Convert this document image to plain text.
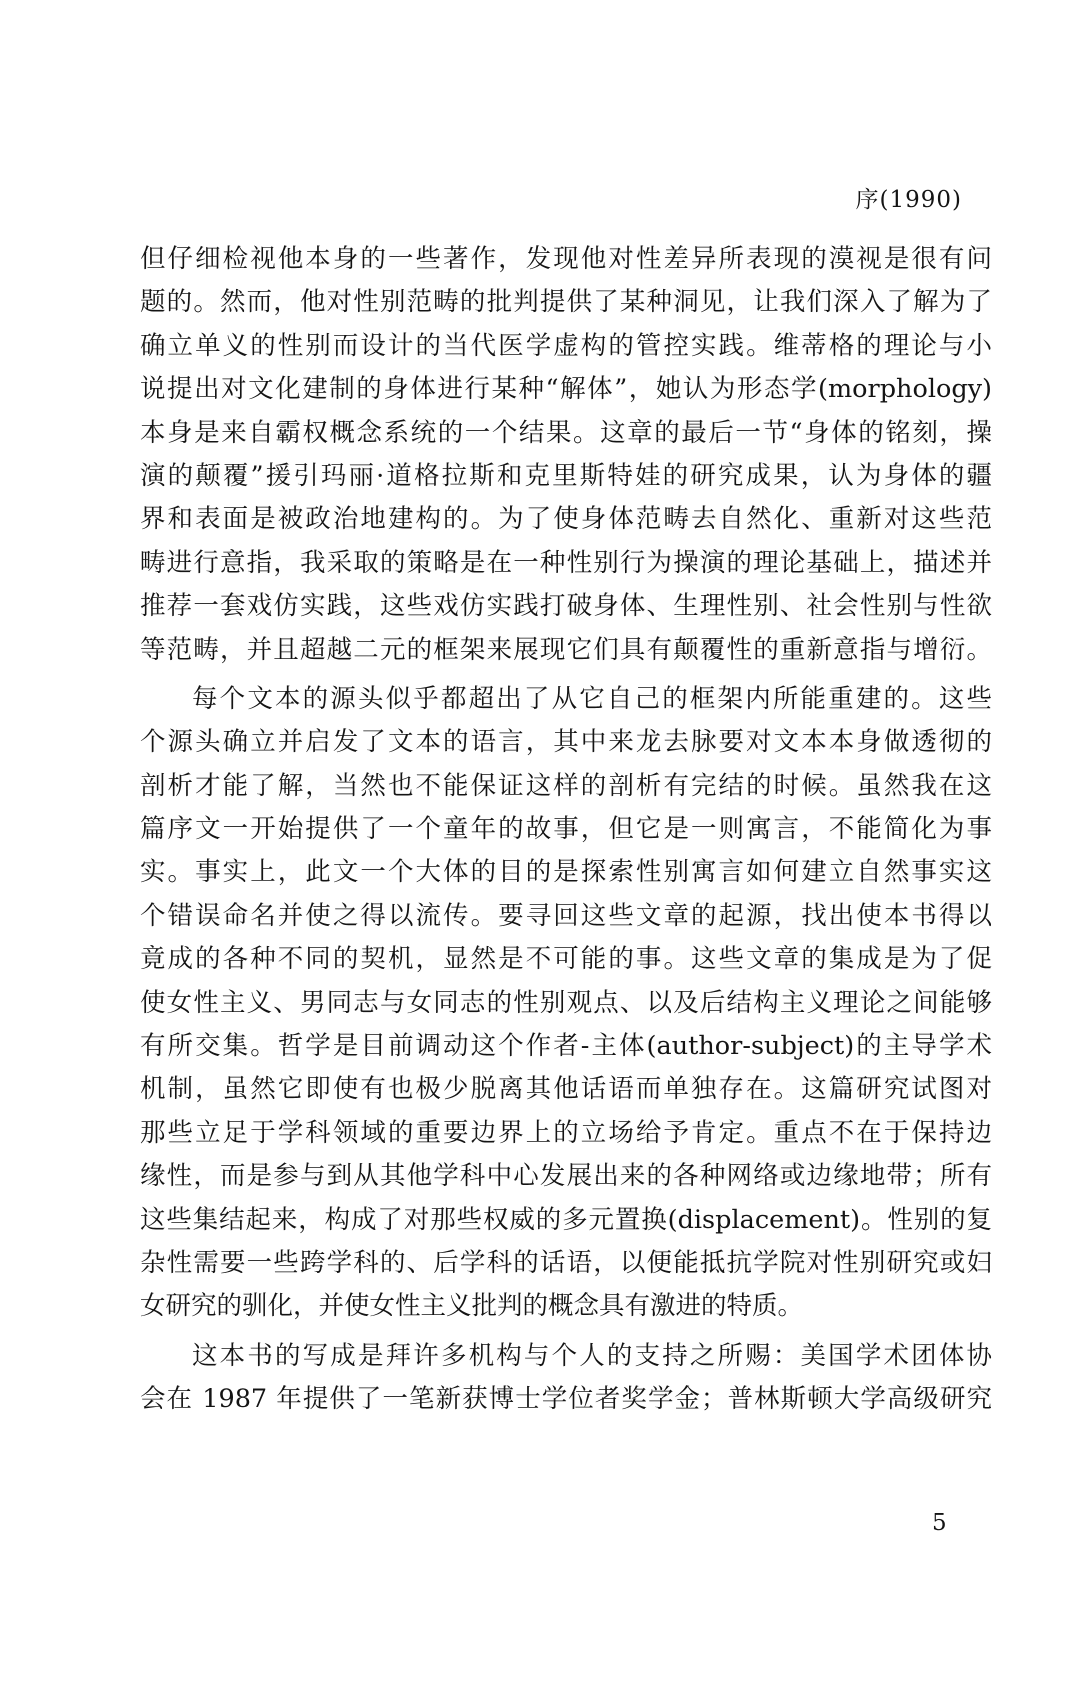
序(1990)
但仔细检视他本身的一些著作，发现他对性差异所表现的漠视是很有问
题的。然而，他对性别范畴的批判提供了某种洞见，让我们深入了解为了
确立单义的性别而设计的当代医学虚构的管控实践。维蒂格的理论与小
说提出对文化建制的身体进行某种“解体”，她认为形态学(morphology)
本身是来自霸权概念系统的一个结果。这章的最后一节“身体的铭刻，操
演的颠覆”援引玛丽·道格拉斯和克里斯特娃的研究成果，认为身体的疆
界和表面是被政治地建构的。为了使身体范畴去自然化、重新对这些范
畴进行意指，我采取的策略是在一种性别行为操演的理论基础上，描述并
推荐一套戏仿实践，这些戏仿实践打破身体、生理性别、社会性别与性欲
等范畴，并且超越二元的框架来展现它们具有颠覆性的重新意指与增衍。
每个文本的源头似乎都超出了从它自己的框架内所能重建的。这些
个源头确立并启发了文本的语言，其中来龙去脉要对文本本身做透彻的
剖析才能了解，当然也不能保证这样的剖析有完结的时候。虽然我在这
篇序文一开始提供了一个童年的故事，但它是一则寓言，不能简化为事
实。事实上，此文一个大体的目的是探索性别寓言如何建立自然事实这
个错误命名并使之得以流传。要寻回这些文章的起源，找出使本书得以
竟成的各种不同的契机，显然是不可能的事。这些文章的集成是为了促
使女性主义、男同志与女同志的性别观点、以及后结构主义理论之间能够
有所交集。哲学是目前调动这个作者-主体(author-subject)的主导学术
机制，虽然它即使有也极少脱离其他话语而单独存在。这篇研究试图对
那些立足于学科领域的重要边界上的立场给予肯定。重点不在于保持边
缘性，而是参与到从其他学科中心发展出来的各种网络或边缘地带；所有
这些集结起来，构成了对那些权威的多元置换(displacement)。性别的复
杂性需要一些跨学科的、后学科的话语，以便能抵抗学院对性别研究或妇
女研究的驯化，并使女性主义批判的概念具有激进的特质。
这本书的写成是拜许多机构与个人的支持之所赐：美国学术团体协
会在 1987 年提供了一笔新获博士学位者奖学金；普林斯顿大学高级研究
5
